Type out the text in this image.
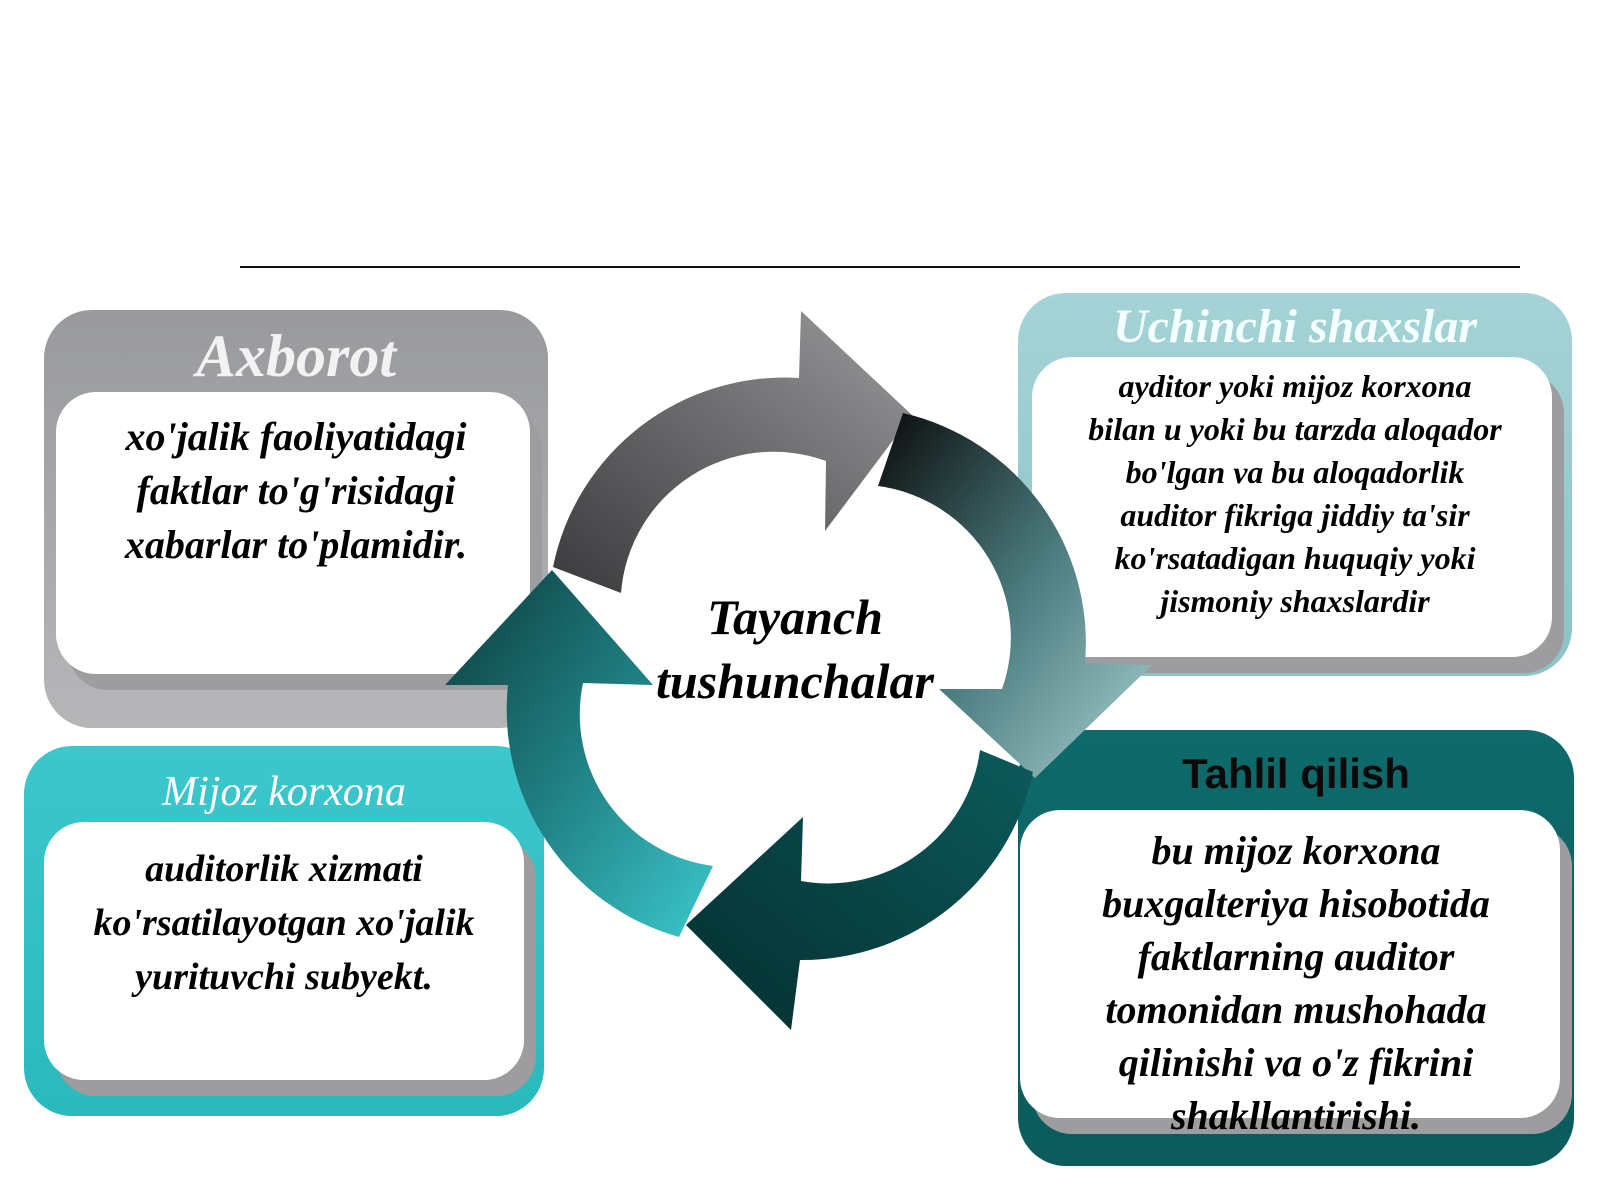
Axborot
xo'jalik faoliyatidagi
faktlar to'g'risidagi
xabarlar to'plamidir.
Uchinchi shaxslar
ayditor yoki mijoz korxona
bilan u yoki bu tarzda aloqador
bo'lgan va bu aloqadorlik
auditor fikriga jiddiy ta'sir
ko'rsatadigan huquqiy yoki
jismoniy shaxslardir
Mijoz korxona
auditorlik xizmati
ko'rsatilayotgan xo'jalik
yurituvchi subyekt.
Tahlil qilish
bu mijoz korxona
buxgalteriya hisobotida
faktlarning auditor
tomonidan mushohada
qilinishi va o'z fikrini
shakllantirishi.
Tayanch
tushunchalar
